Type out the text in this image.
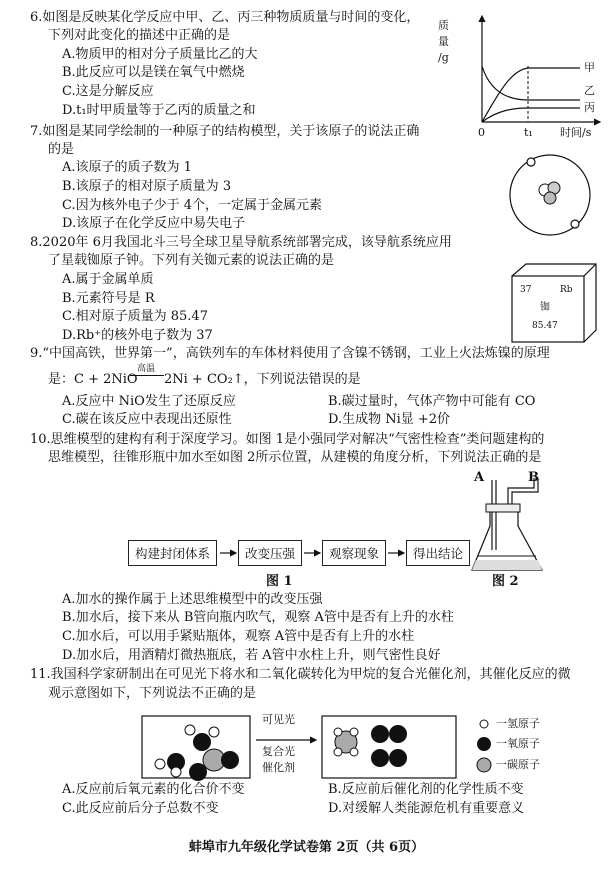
6.如图是反映某化学反应中甲、乙、丙三种物质质量与时间的变化，
下列对此变化的描述中正确的是
A.物质甲的相对分子质量比乙的大
B.此反应可以是镁在氧气中燃烧
C.这是分解反应
D.t₁时甲质量等于乙丙的质量之和
质
量
/g
甲
乙
丙
0	t₁ 时间/s
7.如图是某同学绘制的一种原子的结构模型，关于该原子的说法正确
的是
A.该原子的质子数为 1
B.该原子的相对原子质量为 3
C.因为核外电子少于 4个，一定属于金属元素
D.该原子在化学反应中易失电子
8.2020年 6月我国北斗三号全球卫星导航系统部署完成，该导航系统应用
了星载铷原子钟。下列有关铷元素的说法正确的是
A.属于金属单质
B.元素符号是 R
C.相对原子质量为 85.47
D.Rb⁺的核外电子数为 37
37	Rb
铷
85.47
9.“中国高铁，世界第一”，高铁列车的车体材料使用了含镍不锈钢，工业上火法炼镍的原理
是：C + 2NiO
高温
2Ni + CO₂↑，下列说法错误的是
A.反应中 NiO发生了还原反应	B.碳过量时，气体产物中可能有 CO
C.碳在该反应中表现出还原性	D.生成物 Ni显 +2价
10.思维模型的建构有利于深度学习。如图 1是小强同学对解决“气密性检查”类问题建构的
思维模型，往锥形瓶中加水至如图 2所示位置，从建模的角度分析，下列说法正确的是
构建封闭体系	改变压强	观察现象	得出结论
图 1
A	B
图 2
A.加水的操作属于上述思维模型中的改变压强
B.加水后，接下来从 B管向瓶内吹气，观察 A管中是否有上升的水柱
C.加水后，可以用手紧贴瓶体，观察 A管中是否有上升的水柱
D.加水后，用酒精灯微热瓶底，若 A管中水柱上升，则气密性良好
11.我国科学家研制出在可见光下将水和二氧化碳转化为甲烷的复合光催化剂，其催化反应的微
观示意图如下，下列说法不正确的是
可见光
复合光
催化剂
一氢原子
一氧原子
一碳原子
A.反应前后氧元素的化合价不变	B.反应前后催化剂的化学性质不变
C.此反应前后分子总数不变	D.对缓解人类能源危机有重要意义
蚌埠市九年级化学试卷第 2页（共 6页）
